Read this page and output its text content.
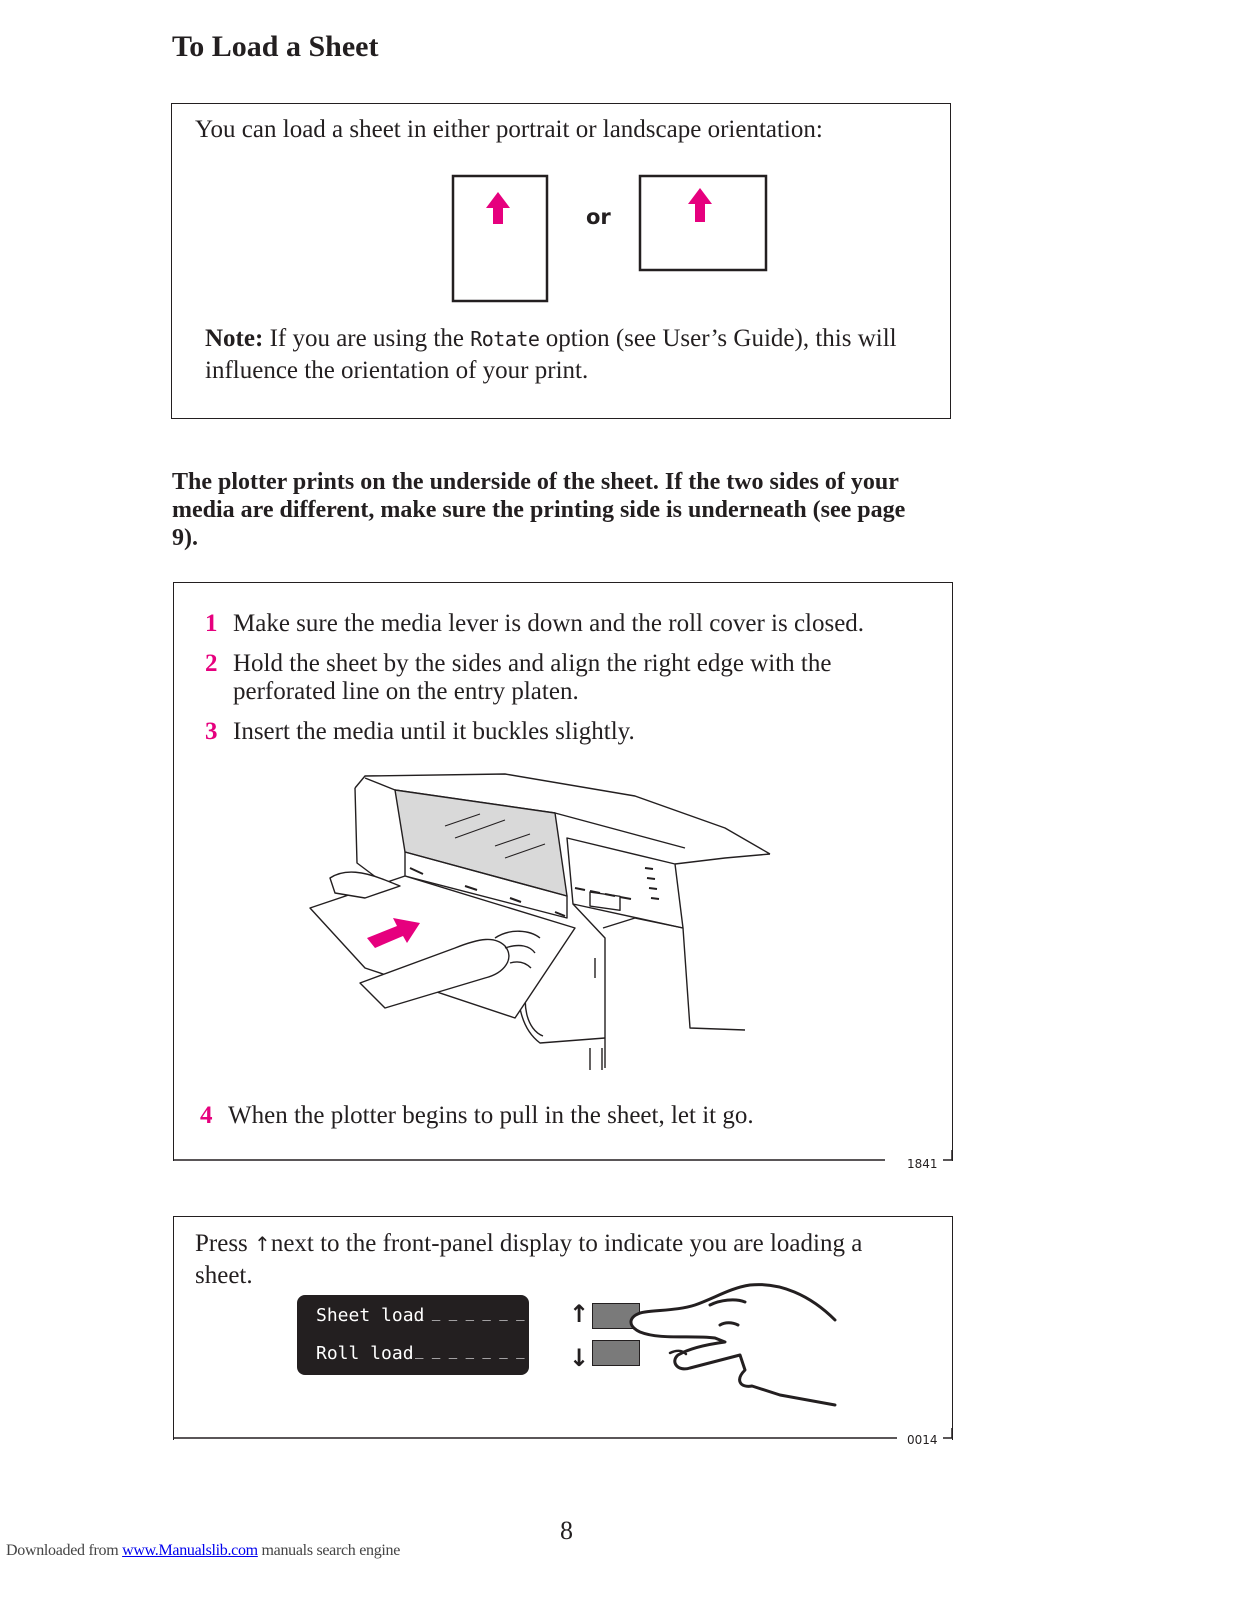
To Load a Sheet
You can load a sheet in either portrait or landscape orientation:
or
Note: If you are using the Rotate option (see User’s Guide), this will influence the orientation of your print.
The plotter prints on the underside of the sheet. If the two sides of your media are different, make sure the printing side is underneath (see page 9).
1841
1 Make sure the media lever is down and the roll cover is closed.
2 Hold the sheet by the sides and align the right edge with the perforated line on the entry platen.
3 Insert the media until it buckles slightly.
4 When the plotter begins to pull in the sheet, let it go.
0014
Press ↑next to the front-panel display to indicate you are loading a sheet.
Sheet load
_ _ _ _ _ _ _ _>
Roll load _ _ _ _ _ _ _ _>
↑
↓
8
Downloaded from www.Manualslib.com manuals search engine
